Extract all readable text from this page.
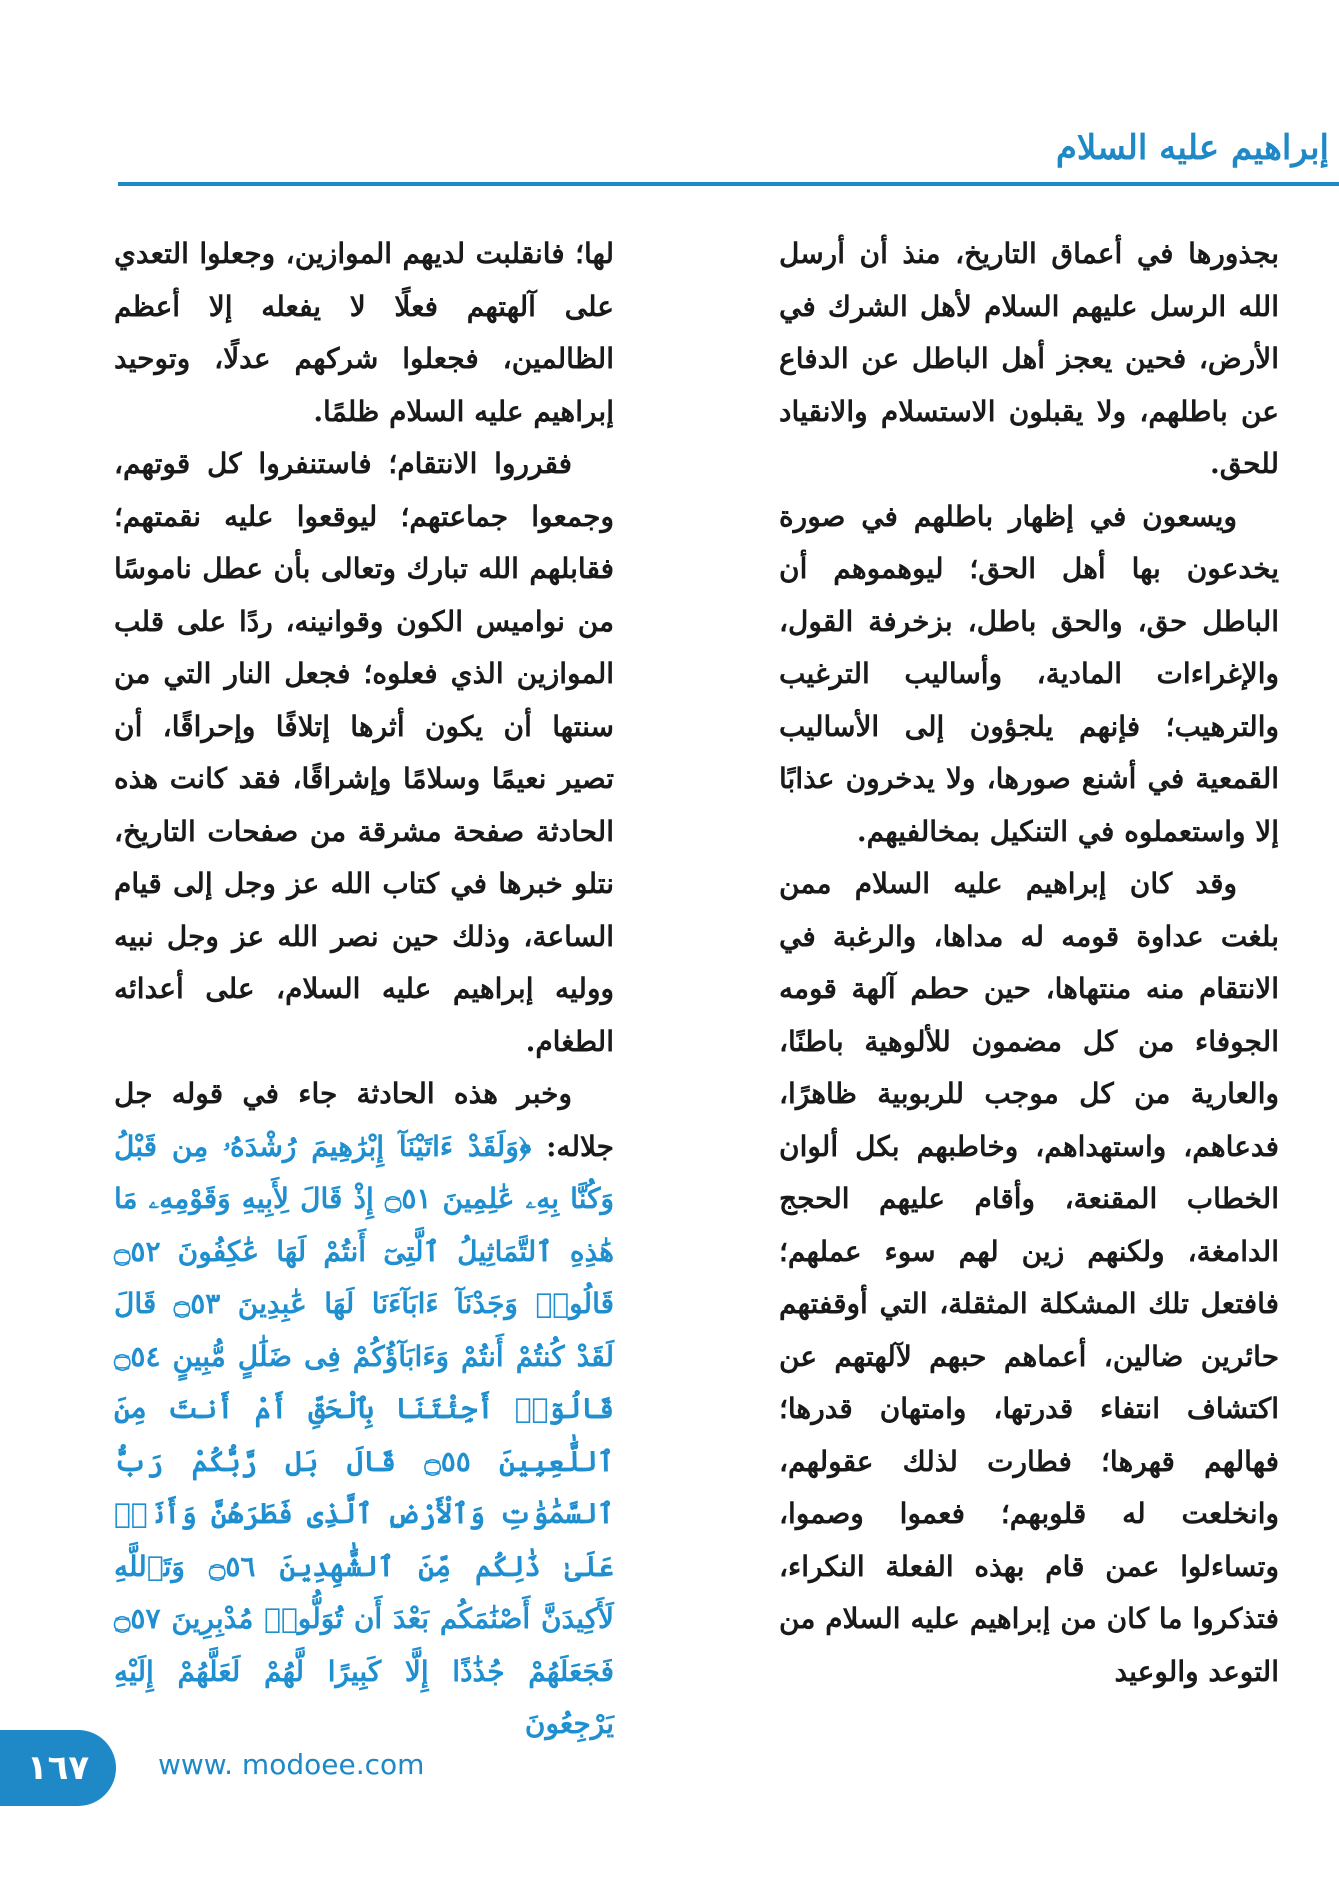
إبراهيم عليه السلام

بجذورها في أعماق التاريخ، منذ أن أرسل الله الرسل عليهم السلام لأهل الشرك في الأرض، فحين يعجز أهل الباطل عن الدفاع عن باطلهم، ولا يقبلون الاستسلام والانقياد للحق.

ويسعون في إظهار باطلهم في صورة يخدعون بها أهل الحق؛ ليوهموهم أن الباطل حق، والحق باطل، بزخرفة القول، والإغراءات المادية، وأساليب الترغيب والترهيب؛ فإنهم يلجؤون إلى الأساليب القمعية في أشنع صورها، ولا يدخرون عذابًا إلا واستعملوه في التنكيل بمخالفيهم.

وقد كان إبراهيم عليه السلام ممن بلغت عداوة قومه له مداها، والرغبة في الانتقام منه منتهاها، حين حطم آلهة قومه الجوفاء من كل مضمون للألوهية باطنًا، والعارية من كل موجب للربوبية ظاهرًا، فدعاهم، واستهداهم، وخاطبهم بكل ألوان الخطاب المقنعة، وأقام عليهم الحجج الدامغة، ولكنهم زين لهم سوء عملهم؛ فافتعل تلك المشكلة المثقلة، التي أوقفتهم حائرين ضالين، أعماهم حبهم لآلهتهم عن اكتشاف انتفاء قدرتها، وامتهان قدرها؛ فهالهم قهرها؛ فطارت لذلك عقولهم، وانخلعت له قلوبهم؛ فعموا وصموا، وتساءلوا عمن قام بهذه الفعلة النكراء، فتذكروا ما كان من إبراهيم عليه السلام من التوعد والوعيد

لها؛ فانقلبت لديهم الموازين، وجعلوا التعدي على آلهتهم فعلًا لا يفعله إلا أعظم الظالمين، فجعلوا شركهم عدلًا، وتوحيد إبراهيم عليه السلام ظلمًا.

فقرروا الانتقام؛ فاستنفروا كل قوتهم، وجمعوا جماعتهم؛ ليوقعوا عليه نقمتهم؛ فقابلهم الله تبارك وتعالى بأن عطل ناموسًا من نواميس الكون وقوانينه، ردًا على قلب الموازين الذي فعلوه؛ فجعل النار التي من سنتها أن يكون أثرها إتلافًا وإحراقًا، أن تصير نعيمًا وسلامًا وإشراقًا، فقد كانت هذه الحادثة صفحة مشرقة من صفحات التاريخ، نتلو خبرها في كتاب الله عز وجل إلى قيام الساعة، وذلك حين نصر الله عز وجل نبيه ووليه إبراهيم عليه السلام، على أعدائه الطغام.

وخبر هذه الحادثة جاء في قوله جل جلاله: ﴿وَلَقَدْ ءَاتَيْنَآ إِبْرَٰهِيمَ رُشْدَهُۥ مِن قَبْلُ وَكُنَّا بِهِۦ عَٰلِمِينَ ۝٥١ إِذْ قَالَ لِأَبِيهِ وَقَوْمِهِۦ مَا هَٰذِهِ ٱلتَّمَاثِيلُ ٱلَّتِىٓ أَنتُمْ لَهَا عَٰكِفُونَ ۝٥٢ قَالُوا۟ وَجَدْنَآ ءَابَآءَنَا لَهَا عَٰبِدِينَ ۝٥٣ قَالَ لَقَدْ كُنتُمْ أَنتُمْ وَءَابَآؤُكُمْ فِى ضَلَٰلٍ مُّبِينٍ ۝٥٤ قَالُوٓا۟ أَجِئْتَنَا بِٱلْحَقِّ أَمْ أَنتَ مِنَ ٱللَّٰعِبِينَ ۝٥٥ قَالَ بَل رَّبُّكُمْ رَبُّ ٱلسَّمَٰوَٰتِ وَٱلْأَرْضِ ٱلَّذِى فَطَرَهُنَّ وَأَنَا۠ عَلَىٰ ذَٰلِكُم مِّنَ ٱلشَّٰهِدِينَ ۝٥٦ وَتَٱللَّهِ لَأَكِيدَنَّ أَصْنَٰمَكُم بَعْدَ أَن تُوَلُّوا۟ مُدْبِرِينَ ۝٥٧ فَجَعَلَهُمْ جُذَٰذًا إِلَّا كَبِيرًا لَّهُمْ لَعَلَّهُمْ إِلَيْهِ يَرْجِعُونَ

١٦٧ www. modoee.com
